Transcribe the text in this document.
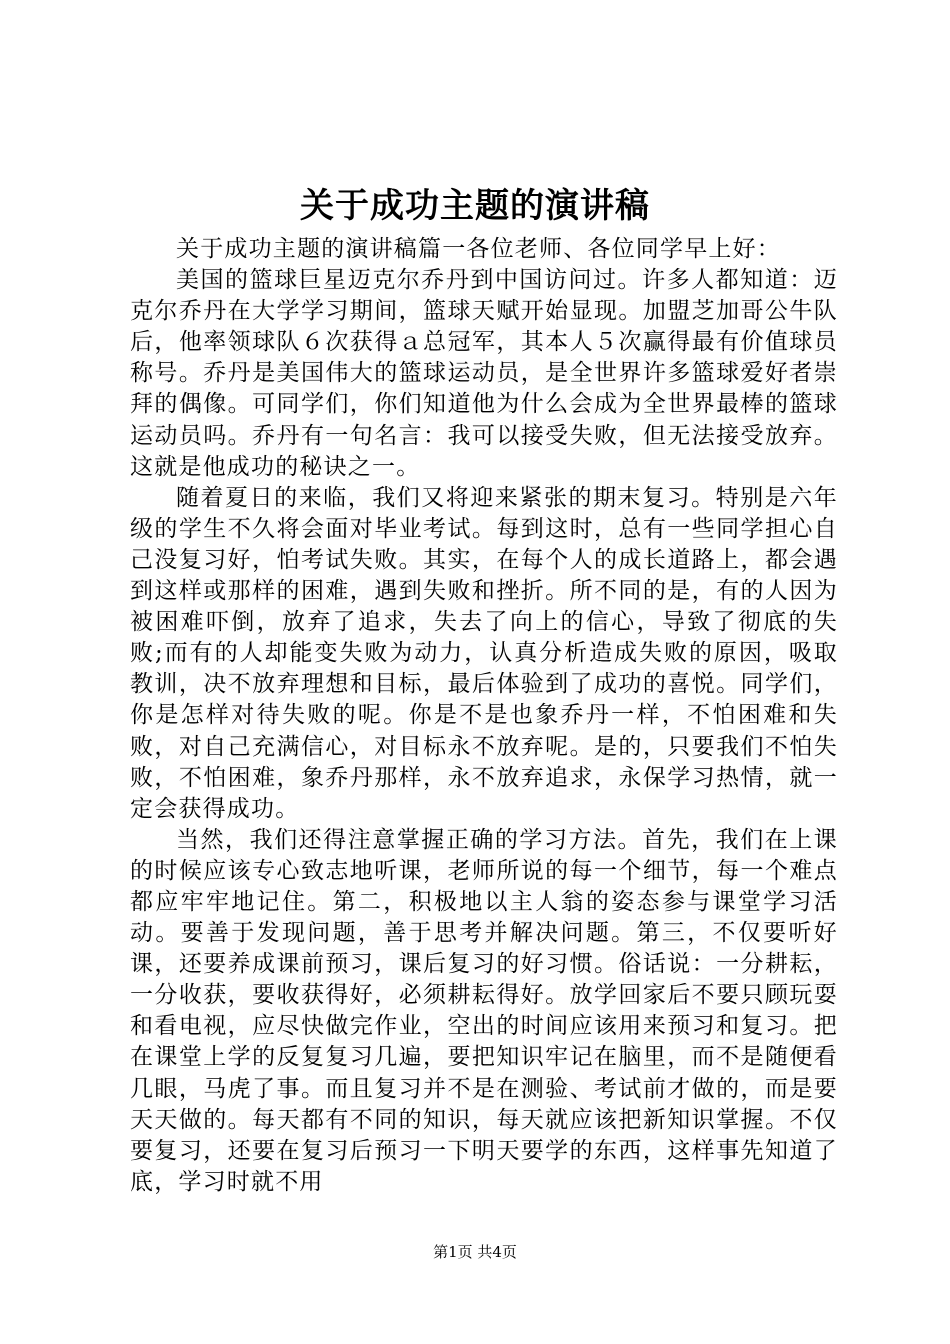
关于成功主题的演讲稿

关于成功主题的演讲稿篇一各位老师、各位同学早上好：

美国的篮球巨星迈克尔乔丹到中国访问过。许多人都知道：迈克尔乔丹在大学学习期间，篮球天赋开始显现。加盟芝加哥公牛队后，他率领球队６次获得ａ总冠军，其本人５次赢得最有价值球员称号。乔丹是美国伟大的篮球运动员，是全世界许多篮球爱好者崇拜的偶像。可同学们，你们知道他为什么会成为全世界最棒的篮球运动员吗。乔丹有一句名言：我可以接受失败，但无法接受放弃。这就是他成功的秘诀之一。

随着夏日的来临，我们又将迎来紧张的期末复习。特别是六年级的学生不久将会面对毕业考试。每到这时，总有一些同学担心自己没复习好，怕考试失败。其实，在每个人的成长道路上，都会遇到这样或那样的困难，遇到失败和挫折。所不同的是，有的人因为被困难吓倒，放弃了追求，失去了向上的信心，导致了彻底的失败;而有的人却能变失败为动力，认真分析造成失败的原因，吸取教训，决不放弃理想和目标，最后体验到了成功的喜悦。同学们，你是怎样对待失败的呢。你是不是也象乔丹一样，不怕困难和失败，对自己充满信心，对目标永不放弃呢。是的，只要我们不怕失败，不怕困难，象乔丹那样，永不放弃追求，永保学习热情，就一定会获得成功。

当然，我们还得注意掌握正确的学习方法。首先，我们在上课的时候应该专心致志地听课，老师所说的每一个细节，每一个难点都应牢牢地记住。第二，积极地以主人翁的姿态参与课堂学习活动。要善于发现问题，善于思考并解决问题。第三，不仅要听好课，还要养成课前预习，课后复习的好习惯。俗话说：一分耕耘，一分收获，要收获得好，必须耕耘得好。放学回家后不要只顾玩耍和看电视，应尽快做完作业，空出的时间应该用来预习和复习。把在课堂上学的反复复习几遍，要把知识牢记在脑里，而不是随便看几眼，马虎了事。而且复习并不是在测验、考试前才做的，而是要天天做的。每天都有不同的知识，每天就应该把新知识掌握。不仅要复习，还要在复习后预习一下明天要学的东西，这样事先知道了底，学习时就不用

第1页 共4页
